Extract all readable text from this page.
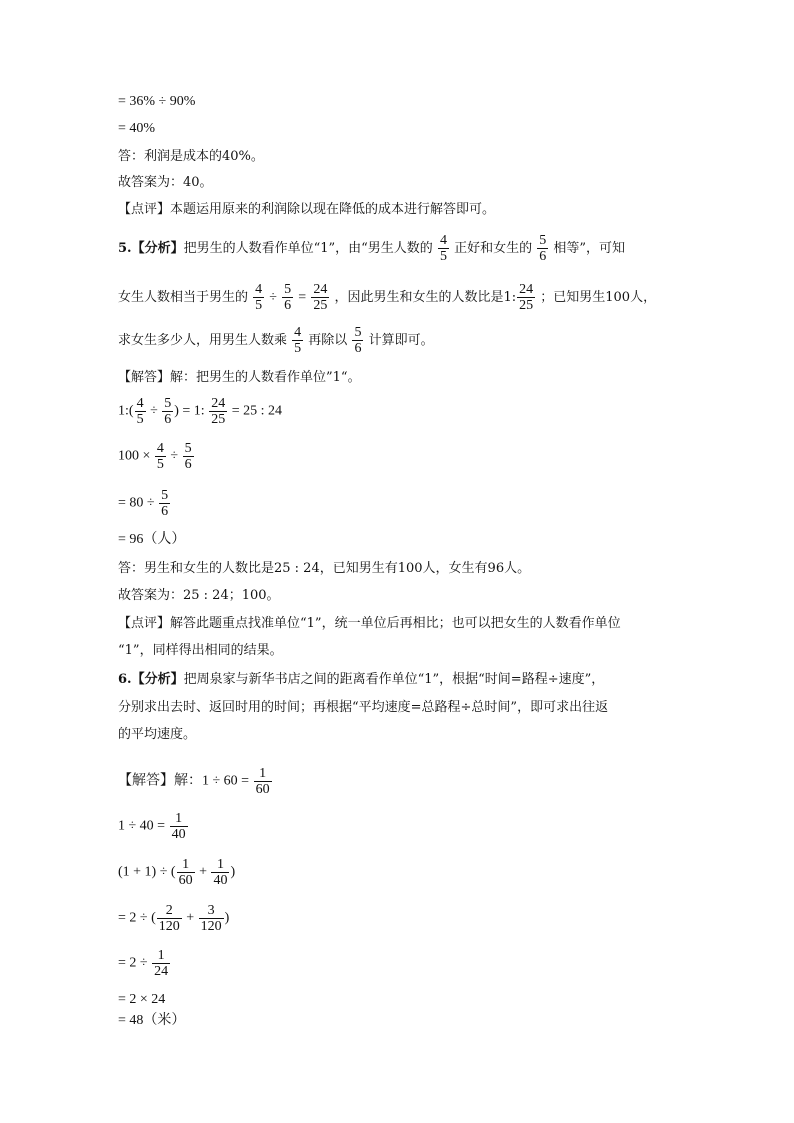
= 36% ÷ 90%
= 40%
答：利润是成本的40%。
故答案为：40。
【点评】本题运用原来的利润除以现在降低的成本进行解答即可。
5.【分析】把男生的人数看作单位“1”，由“男生人数的 $\frac{4}{5}$ 正好和女生的 $\frac{5}{6}$ 相等”，可知
女生人数相当于男生的 $\frac{4}{5} \div \frac{5}{6} = \frac{24}{25}$ ，因此男生和女生的人数比是1: $\frac{24}{25}$ ；已知男生100人，
求女生多少人，用男生人数乘 $\frac{4}{5}$ 再除以 $\frac{5}{6}$ 计算即可。
【解答】解：把男生的人数看作单位”1“。
1:( $\frac{4}{5} \div \frac{5}{6}$ ) = 1: $\frac{24}{25} = 25$ : 24
$100 \times \frac{4}{5} \div \frac{5}{6}$
= $80 \div \frac{5}{6}$
= 96（人）
答：男生和女生的人数比是25 : 24，已知男生有100人，女生有96人。
故答案为：25 : 24；100。
【点评】解答此题重点找准单位“1”，统一单位后再相比；也可以把女生的人数看作单位
“1”，同样得出相同的结果。
6.【分析】把周泉家与新华书店之间的距离看作单位“1”，根据“时间=路程÷速度”，
分别求出去时、返回时用的时间；再根据“平均速度=总路程÷总时间”，即可求出往返
的平均速度。
【解答】解：$1 \div 60 = \frac{1}{60}$
$1 \div 40 = \frac{1}{40}$
(1 + 1) ÷ ( $\frac{1}{60} + \frac{1}{40}$ )
= 2 ÷ ( $\frac{2}{120} + \frac{3}{120}$ )
= $2 \div \frac{1}{24}$
= 2 × 24
= 48（米）
